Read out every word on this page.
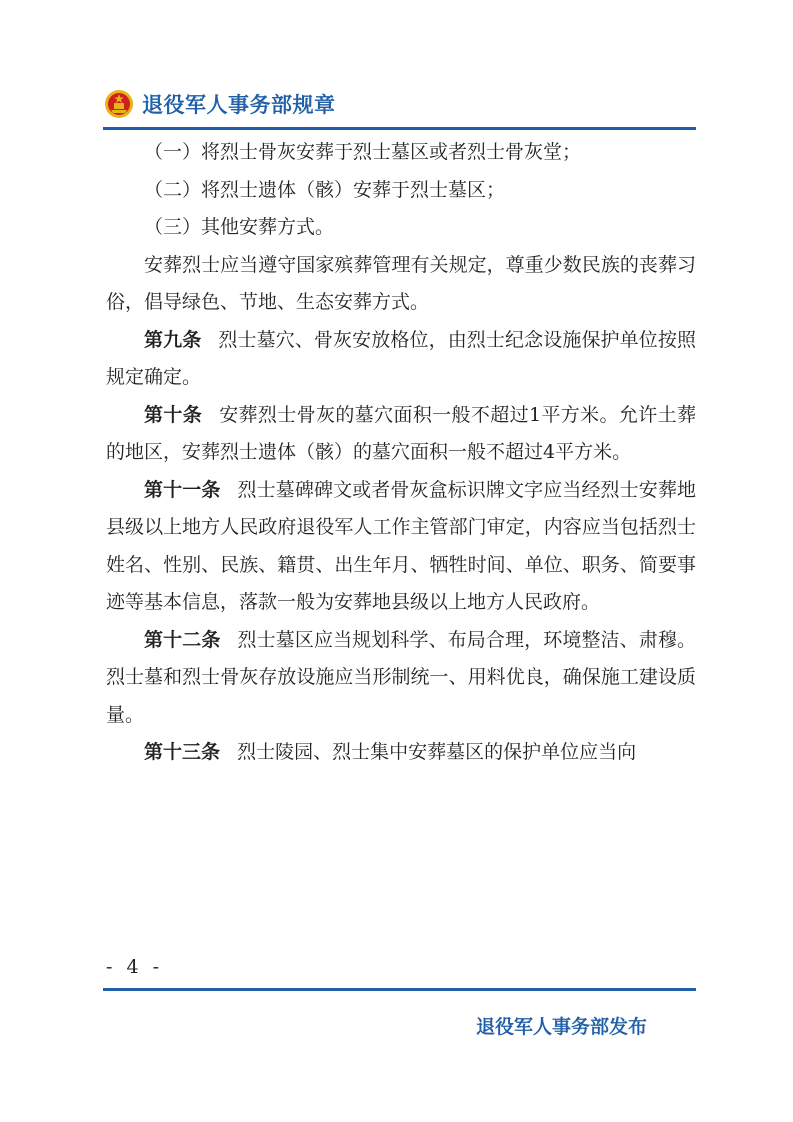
退役军人事务部规章

（一）将烈士骨灰安葬于烈士墓区或者烈士骨灰堂；

（二）将烈士遗体（骸）安葬于烈士墓区；

（三）其他安葬方式。

安葬烈士应当遵守国家殡葬管理有关规定，尊重少数民族的丧葬习俗，倡导绿色、节地、生态安葬方式。

第九条 烈士墓穴、骨灰安放格位，由烈士纪念设施保护单位按照规定确定。

第十条 安葬烈士骨灰的墓穴面积一般不超过1平方米。允许土葬的地区，安葬烈士遗体（骸）的墓穴面积一般不超过4平方米。

第十一条 烈士墓碑碑文或者骨灰盒标识牌文字应当经烈士安葬地县级以上地方人民政府退役军人工作主管部门审定，内容应当包括烈士姓名、性别、民族、籍贯、出生年月、牺牲时间、单位、职务、简要事迹等基本信息，落款一般为安葬地县级以上地方人民政府。

第十二条 烈士墓区应当规划科学、布局合理，环境整洁、肃穆。烈士墓和烈士骨灰存放设施应当形制统一、用料优良，确保施工建设质量。

第十三条 烈士陵园、烈士集中安葬墓区的保护单位应当向

- 4 -
退役军人事务部发布
